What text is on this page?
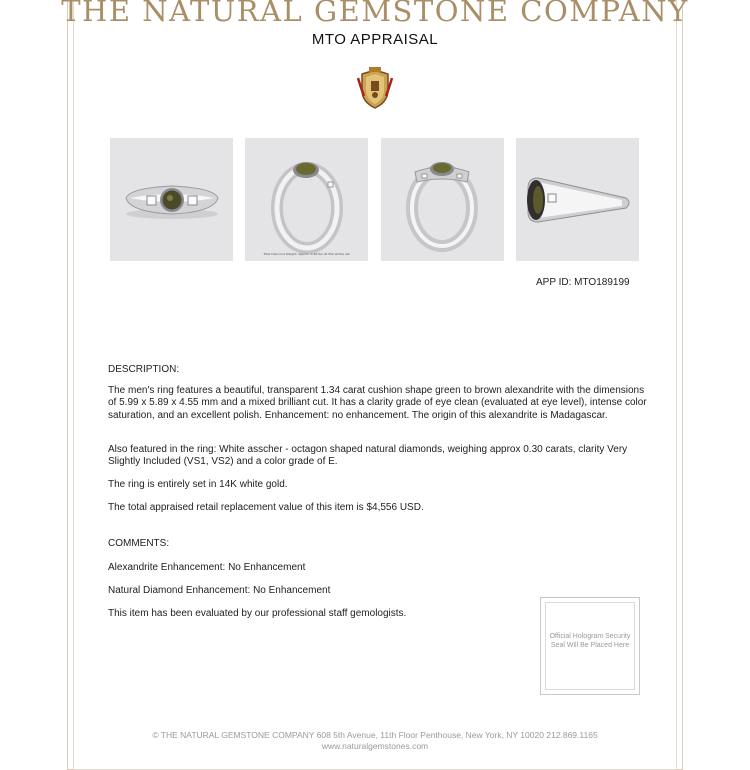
THE NATURAL GEMSTONE COMPANY
MTO APPRAISAL
Total Diamond Weight: Approx. 0.30ctw (D-VS2 white) est.
APP ID: MTO189199
DESCRIPTION:
The men's ring features a beautiful, transparent 1.34 carat cushion shape green to brown alexandrite with the dimensions of 5.99 x 5.89 x 4.55 mm and a mixed brilliant cut. It has a clarity grade of eye clean (evaluated at eye level), intense color saturation, and an excellent polish. Enhancement: no enhancement. The origin of this alexandrite is Madagascar.
Also featured in the ring: White asscher - octagon shaped natural diamonds, weighing approx 0.30 carats, clarity Very Slightly Included (VS1, VS2) and a color grade of E.
The ring is entirely set in 14K white gold.
The total appraised retail replacement value of this item is $4,556 USD.
COMMENTS:
Alexandrite Enhancement: No Enhancement
Natural Diamond Enhancement: No Enhancement
This item has been evaluated by our professional staff gemologists.
Official Hologram Security Seal Will Be Placed Here
© THE NATURAL GEMSTONE COMPANY 608 5th Avenue, 11th Floor Penthouse, New York, NY 10020 212.869.1165
www.naturalgemstones.com
